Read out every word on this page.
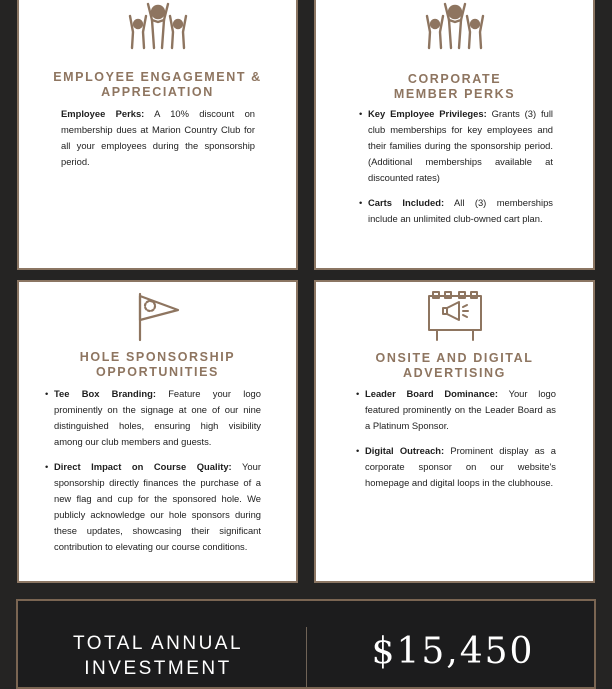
EMPLOYEE ENGAGEMENT &
APPRECIATION
Employee Perks: A 10% discount on membership dues at Marion Country Club for all your employees during the sponsorship period.
CORPORATE
MEMBER PERKS
• Key Employee Privileges: Grants (3) full club memberships for key employees and their families during the sponsorship period. (Additional memberships available at discounted rates)
• Carts Included: All (3) memberships include an unlimited club-owned cart plan.
HOLE SPONSORSHIP
OPPORTUNITIES
• Tee Box Branding: Feature your logo prominently on the signage at one of our nine distinguished holes, ensuring high visibility among our club members and guests.
• Direct Impact on Course Quality: Your sponsorship directly finances the purchase of a new flag and cup for the sponsored hole. We publicly acknowledge our hole sponsors during these updates, showcasing their significant contribution to elevating our course conditions.
ONSITE AND DIGITAL
ADVERTISING
• Leader Board Dominance: Your logo featured prominently on the Leader Board as a Platinum Sponsor.
• Digital Outreach: Prominent display as a corporate sponsor on our website's homepage and digital loops in the clubhouse.
TOTAL ANNUAL
INVESTMENT	$15,450
